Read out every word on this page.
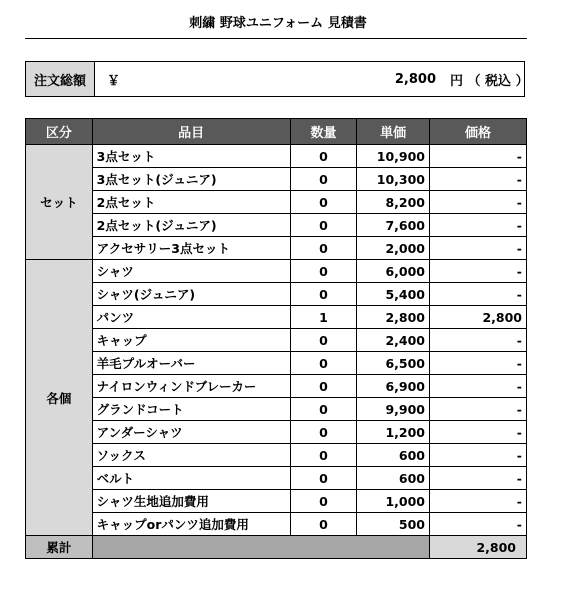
刺繍 野球ユニフォーム 見積書
注文総額	￥	2,800	円 （ 税込 ）
区分	品目	数量	単価	価格
セット	3点セット	0	10,900	-
	3点セット(ジュニア)	0	10,300	-
	2点セット	0	8,200	-
	2点セット(ジュニア)	0	7,600	-
	アクセサリー3点セット	0	2,000	-
各個	シャツ	0	6,000	-
	シャツ(ジュニア)	0	5,400	-
	パンツ	1	2,800	2,800
	キャップ	0	2,400	-
	羊毛プルオーバー	0	6,500	-
	ナイロンウィンドブレーカー	0	6,900	-
	グランドコート	0	9,900	-
	アンダーシャツ	0	1,200	-
	ソックス	0	600	-
	ベルト	0	600	-
	シャツ生地追加費用	0	1,000	-
	キャップorパンツ追加費用	0	500	-
累計				2,800
